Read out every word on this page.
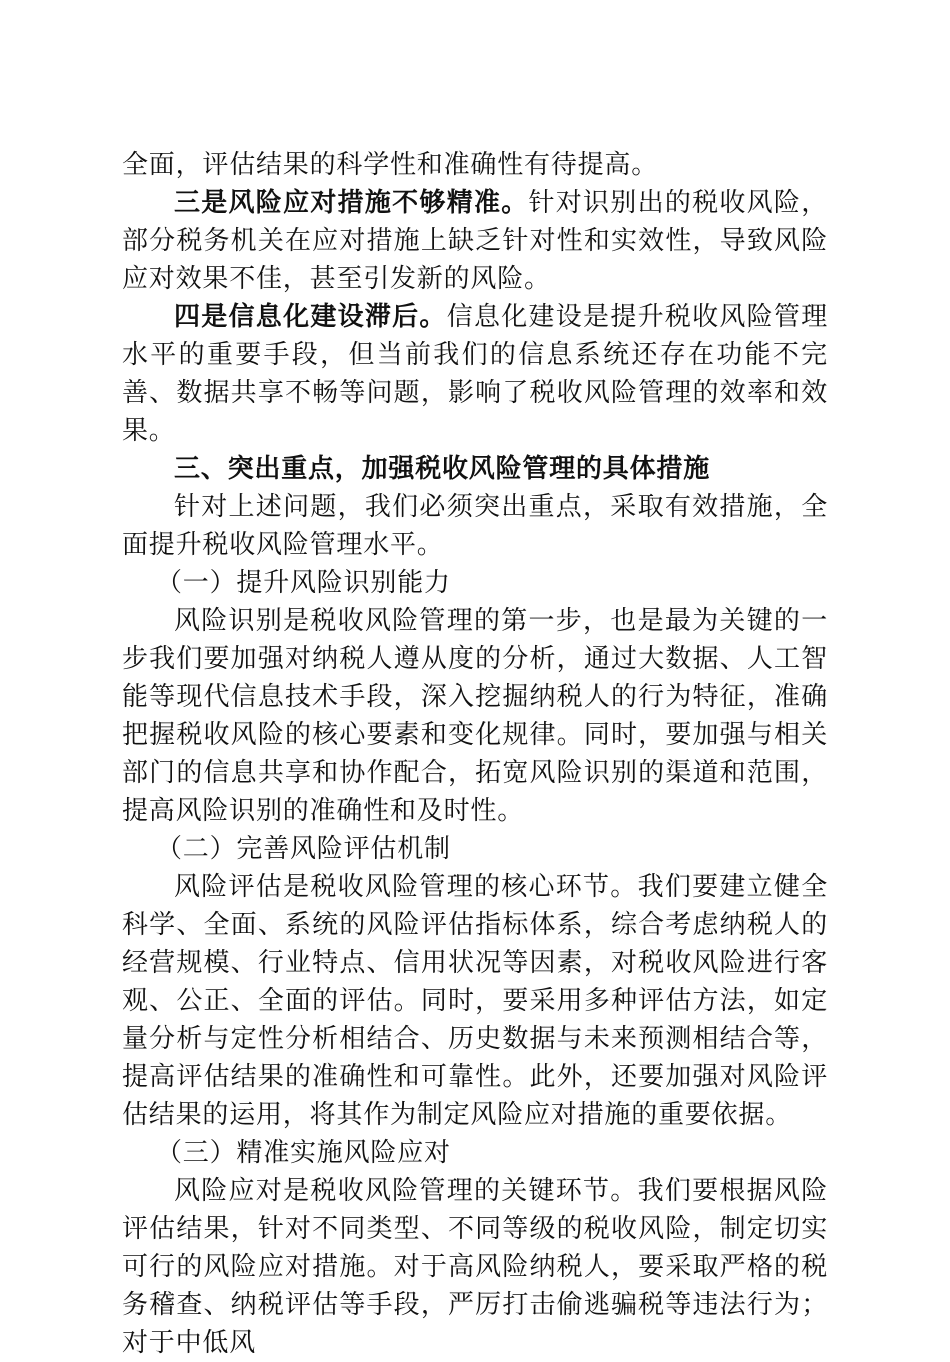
全面，评估结果的科学性和准确性有待提高。

三是风险应对措施不够精准。针对识别出的税收风险，部分税务机关在应对措施上缺乏针对性和实效性，导致风险应对效果不佳，甚至引发新的风险。

四是信息化建设滞后。信息化建设是提升税收风险管理水平的重要手段，但当前我们的信息系统还存在功能不完善、数据共享不畅等问题，影响了税收风险管理的效率和效果。

三、突出重点，加强税收风险管理的具体措施

针对上述问题，我们必须突出重点，采取有效措施，全面提升税收风险管理水平。

（一）提升风险识别能力

风险识别是税收风险管理的第一步，也是最为关键的一步我们要加强对纳税人遵从度的分析，通过大数据、人工智能等现代信息技术手段，深入挖掘纳税人的行为特征，准确把握税收风险的核心要素和变化规律。同时，要加强与相关部门的信息共享和协作配合，拓宽风险识别的渠道和范围，提高风险识别的准确性和及时性。

（二）完善风险评估机制

风险评估是税收风险管理的核心环节。我们要建立健全科学、全面、系统的风险评估指标体系，综合考虑纳税人的经营规模、行业特点、信用状况等因素，对税收风险进行客观、公正、全面的评估。同时，要采用多种评估方法，如定量分析与定性分析相结合、历史数据与未来预测相结合等，提高评估结果的准确性和可靠性。此外，还要加强对风险评估结果的运用，将其作为制定风险应对措施的重要依据。

（三）精准实施风险应对

风险应对是税收风险管理的关键环节。我们要根据风险评估结果，针对不同类型、不同等级的税收风险，制定切实可行的风险应对措施。对于高风险纳税人，要采取严格的税务稽查、纳税评估等手段，严厉打击偷逃骗税等违法行为；对于中低风
